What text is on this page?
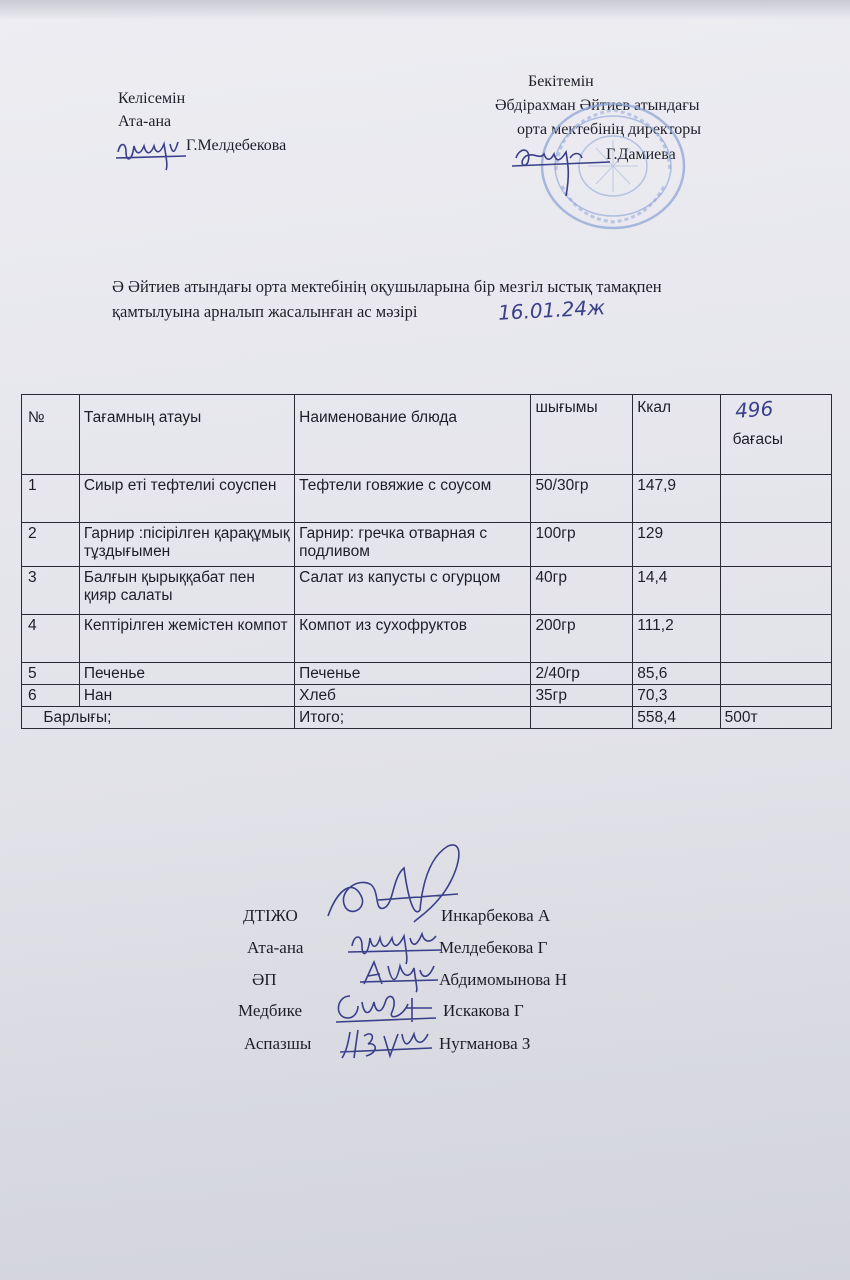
Келісемін
Ата-ана
Г.Мелдебекова
Бекітемін
Әбдірахман Әйтиев атындағы
орта мектебінің директоры
Г.Дамиева
Ә Әйтиев атындағы орта мектебінің оқушыларына бір мезгіл ыстық тамақпен
қамтылуына арналып жасалынған ас мәзірі	16.01.24ж
№	Тағамның атауы	Наименование блюда	шығымы	Ккал	496
бағасы

1	Сиыр еті тефтелиі соуспен	Тефтели говяжие с соусом	50/30гр	147,9	
2	Гарнир :пісірілген қарақұмық тұздығымен	Гарнир: гречка отварная с подливом	100гр	129	
3	Балғын қырыққабат пен қияр салаты	Салат из капусты с огурцом	40гр	14,4	
4	Кептірілген жемістен компот	Компот из сухофруктов	200гр	111,2	
5	Печенье	Печенье	2/40гр	85,6	
6	Нан	Хлеб	35гр	70,3	
	Барлығы;	Итого;		558,4	500т
ДТІЖО	Инкарбекова А
Ата-ана	Мелдебекова Г
ӘП	Абдимомынова Н
Медбике	Искакова Г
Аспазшы	Нугманова З
